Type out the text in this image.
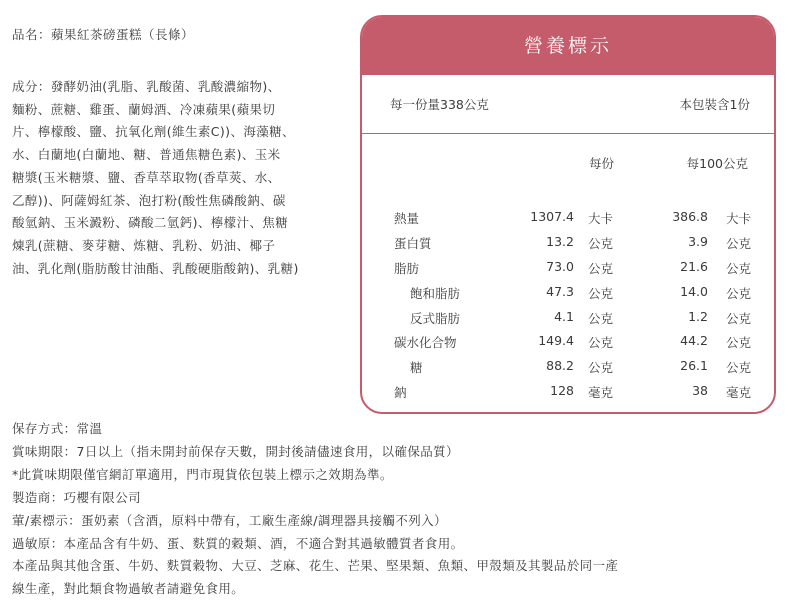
品名：蘋果紅茶磅蛋糕（長條）

成分：發酵奶油(乳脂、乳酸菌、乳酸濃縮物)、
麵粉、蔗糖、雞蛋、蘭姆酒、冷凍蘋果(蘋果切
片、檸檬酸、鹽、抗氧化劑(維生素C))、海藻糖、
水、白蘭地(白蘭地、糖、普通焦糖色素)、玉米
糖漿(玉米糖漿、鹽、香草萃取物(香草莢、水、
乙醇))、阿薩姆紅茶、泡打粉(酸性焦磷酸鈉、碳
酸氫鈉、玉米澱粉、磷酸二氫鈣)、檸檬汁、焦糖
煉乳(蔗糖、麥芽糖、炼糖、乳粉、奶油、椰子
油、乳化劑(脂肪酸甘油酯、乳酸硬脂酸鈉)、乳糖)

營養標示
每一份量338公克	本包裝含1份
每份	每100公克
熱量	1307.4 大卡	386.8 大卡
蛋白質	13.2 公克	3.9 公克
脂肪	73.0 公克	21.6 公克
飽和脂肪	47.3 公克	14.0 公克
反式脂肪	4.1 公克	1.2 公克
碳水化合物	149.4 公克	44.2 公克
糖	88.2 公克	26.1 公克
鈉	128 毫克	38 毫克

保存方式：常溫
賞味期限：7日以上（指未開封前保存天數，開封後請儘速食用，以確保品質）
*此賞味期限僅官網訂單適用，門市現貨依包裝上標示之效期為準。
製造商：巧櫻有限公司
葷/素標示：蛋奶素（含酒，原料中帶有，工廠生產線/調理器具接觸不列入）
過敏原：本產品含有牛奶、蛋、麩質的穀類、酒，不適合對其過敏體質者食用。
本產品與其他含蛋、牛奶、麩質穀物、大豆、芝麻、花生、芒果、堅果類、魚類、甲殼類及其製品於同一產
線生產，對此類食物過敏者請避免食用。
